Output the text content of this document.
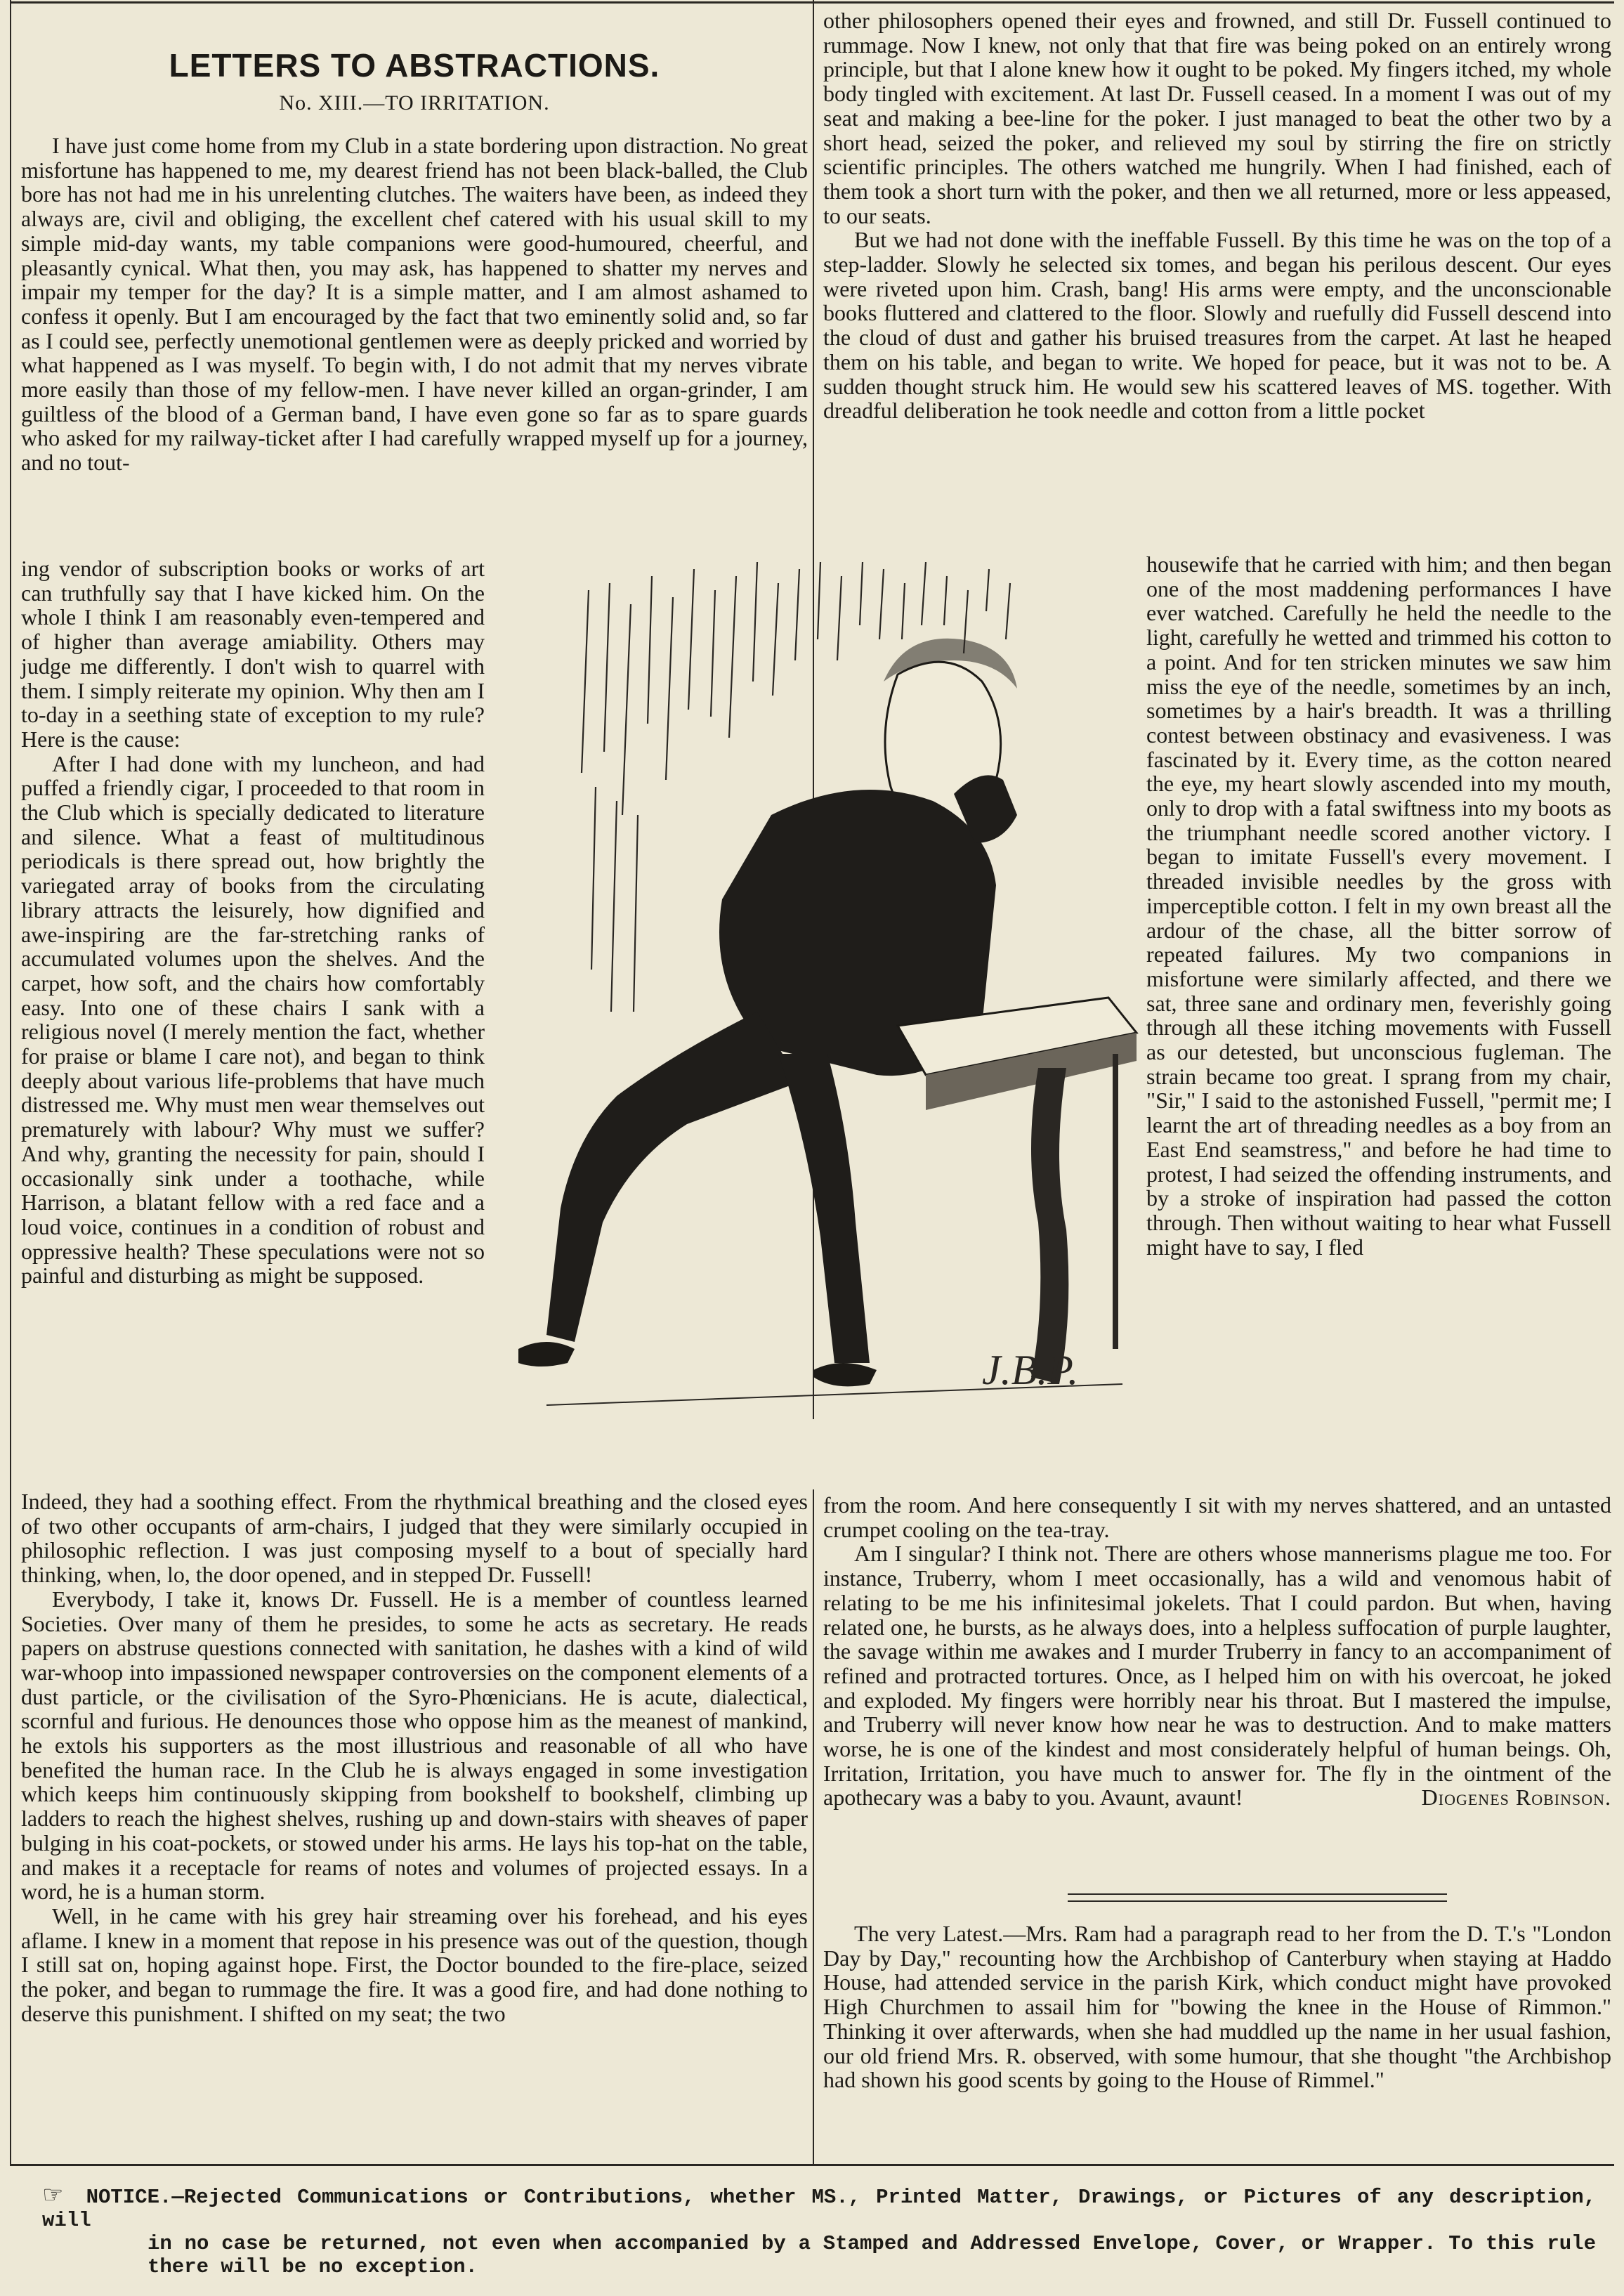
LETTERS TO ABSTRACTIONS.
No. XIII.—TO IRRITATION.

I have just come home from my Club in a state bordering upon distraction. No great misfortune has happened to me, my dearest friend has not been black-balled, the Club bore has not had me in his unrelenting clutches. The waiters have been, as indeed they always are, civil and obliging, the excellent chef catered with his usual skill to my simple mid-day wants, my table companions were good-humoured, cheerful, and pleasantly cynical. What then, you may ask, has happened to shatter my nerves and impair my temper for the day? It is a simple matter, and I am almost ashamed to confess it openly. But I am encouraged by the fact that two eminently solid and, so far as I could see, perfectly unemotional gentlemen were as deeply pricked and worried by what happened as I was myself. To begin with, I do not admit that my nerves vibrate more easily than those of my fellow-men. I have never killed an organ-grinder, I am guiltless of the blood of a German band, I have even gone so far as to spare guards who asked for my railway-ticket after I had carefully wrapped myself up for a journey, and no tout-

ing vendor of subscription books or works of art can truthfully say that I have kicked him. On the whole I think I am reasonably even-tempered and of higher than average amiability. Others may judge me differently. I don't wish to quarrel with them. I simply reiterate my opinion. Why then am I to-day in a seething state of exception to my rule? Here is the cause:

After I had done with my luncheon, and had puffed a friendly cigar, I proceeded to that room in the Club which is specially dedicated to literature and silence. What a feast of multitudinous periodicals is there spread out, how brightly the variegated array of books from the circulating library attracts the leisurely, how dignified and awe-inspiring are the far-stretching ranks of accumulated volumes upon the shelves. And the carpet, how soft, and the chairs how comfortably easy. Into one of these chairs I sank with a religious novel (I merely mention the fact, whether for praise or blame I care not), and began to think deeply about various life-problems that have much distressed me. Why must men wear themselves out prematurely with labour? Why must we suffer? And why, granting the necessity for pain, should I occasionally sink under a toothache, while Harrison, a blatant fellow with a red face and a loud voice, continues in a condition of robust and oppressive health? These speculations were not so painful and disturbing as might be supposed.

Indeed, they had a soothing effect. From the rhythmical breathing and the closed eyes of two other occupants of arm-chairs, I judged that they were similarly occupied in philosophic reflection. I was just composing myself to a bout of specially hard thinking, when, lo, the door opened, and in stepped Dr. Fussell!

Everybody, I take it, knows Dr. Fussell. He is a member of countless learned Societies. Over many of them he presides, to some he acts as secretary. He reads papers on abstruse questions connected with sanitation, he dashes with a kind of wild war-whoop into impassioned newspaper controversies on the component elements of a dust particle, or the civilisation of the Syro-Phœnicians. He is acute, dialectical, scornful and furious. He denounces those who oppose him as the meanest of mankind, he extols his supporters as the most illustrious and reasonable of all who have benefited the human race. In the Club he is always engaged in some investigation which keeps him continuously skipping from bookshelf to bookshelf, climbing up ladders to reach the highest shelves, rushing up and down-stairs with sheaves of paper bulging in his coat-pockets, or stowed under his arms. He lays his top-hat on the table, and makes it a receptacle for reams of notes and volumes of projected essays. In a word, he is a human storm.

Well, in he came with his grey hair streaming over his forehead, and his eyes aflame. I knew in a moment that repose in his presence was out of the question, though I still sat on, hoping against hope. First, the Doctor bounded to the fire-place, seized the poker, and began to rummage the fire. It was a good fire, and had done nothing to deserve this punishment. I shifted on my seat; the two

other philosophers opened their eyes and frowned, and still Dr. Fussell continued to rummage. Now I knew, not only that that fire was being poked on an entirely wrong principle, but that I alone knew how it ought to be poked. My fingers itched, my whole body tingled with excitement. At last Dr. Fussell ceased. In a moment I was out of my seat and making a bee-line for the poker. I just managed to beat the other two by a short head, seized the poker, and relieved my soul by stirring the fire on strictly scientific principles. The others watched me hungrily. When I had finished, each of them took a short turn with the poker, and then we all returned, more or less appeased, to our seats.

But we had not done with the ineffable Fussell. By this time he was on the top of a step-ladder. Slowly he selected six tomes, and began his perilous descent. Our eyes were riveted upon him. Crash, bang! His arms were empty, and the unconscionable books fluttered and clattered to the floor. Slowly and ruefully did Fussell descend into the cloud of dust and gather his bruised treasures from the carpet. At last he heaped them on his table, and began to write. We hoped for peace, but it was not to be. A sudden thought struck him. He would sew his scattered leaves of MS. together. With dreadful deliberation he took needle and cotton from a little pocket

housewife that he carried with him; and then began one of the most maddening performances I have ever watched. Carefully he held the needle to the light, carefully he wetted and trimmed his cotton to a point. And for ten stricken minutes we saw him miss the eye of the needle, sometimes by an inch, sometimes by a hair's breadth. It was a thrilling contest between obstinacy and evasiveness. I was fascinated by it. Every time, as the cotton neared the eye, my heart slowly ascended into my mouth, only to drop with a fatal swiftness into my boots as the triumphant needle scored another victory. I began to imitate Fussell's every movement. I threaded invisible needles by the gross with imperceptible cotton. I felt in my own breast all the ardour of the chase, all the bitter sorrow of repeated failures. My two companions in misfortune were similarly affected, and there we sat, three sane and ordinary men, feverishly going through all these itching movements with Fussell as our detested, but unconscious fugleman. The strain became too great. I sprang from my chair, "Sir," I said to the astonished Fussell, "permit me; I learnt the art of threading needles as a boy from an East End seamstress," and before he had time to protest, I had seized the offending instruments, and by a stroke of inspiration had passed the cotton through. Then without waiting to hear what Fussell might have to say, I fled

from the room. And here consequently I sit with my nerves shattered, and an untasted crumpet cooling on the tea-tray.

Am I singular? I think not. There are others whose mannerisms plague me too. For instance, Truberry, whom I meet occasionally, has a wild and venomous habit of relating to be me his infinitesimal jokelets. That I could pardon. But when, having related one, he bursts, as he always does, into a helpless suffocation of purple laughter, the savage within me awakes and I murder Truberry in fancy to an accompaniment of refined and protracted tortures. Once, as I helped him on with his overcoat, he joked and exploded. My fingers were horribly near his throat. But I mastered the impulse, and Truberry will never know how near he was to destruction. And to make matters worse, he is one of the kindest and most considerately helpful of human beings. Oh, Irritation, Irritation, you have much to answer for. The fly in the ointment of the apothecary was a baby to you. Avaunt, avaunt!	Diogenes Robinson.

J.B.P.

The very Latest.—Mrs. Ram had a paragraph read to her from the D. T.'s "London Day by Day," recounting how the Archbishop of Canterbury when staying at Haddo House, had attended service in the parish Kirk, which conduct might have provoked High Churchmen to assail him for "bowing the knee in the House of Rimmon." Thinking it over afterwards, when she had muddled up the name in her usual fashion, our old friend Mrs. R. observed, with some humour, that she thought "the Archbishop had shown his good scents by going to the House of Rimmel."

☞ NOTICE.—Rejected Communications or Contributions, whether MS., Printed Matter, Drawings, or Pictures of any description, will
in no case be returned, not even when accompanied by a Stamped and Addressed Envelope, Cover, or Wrapper. To this rule there will be no exception.
